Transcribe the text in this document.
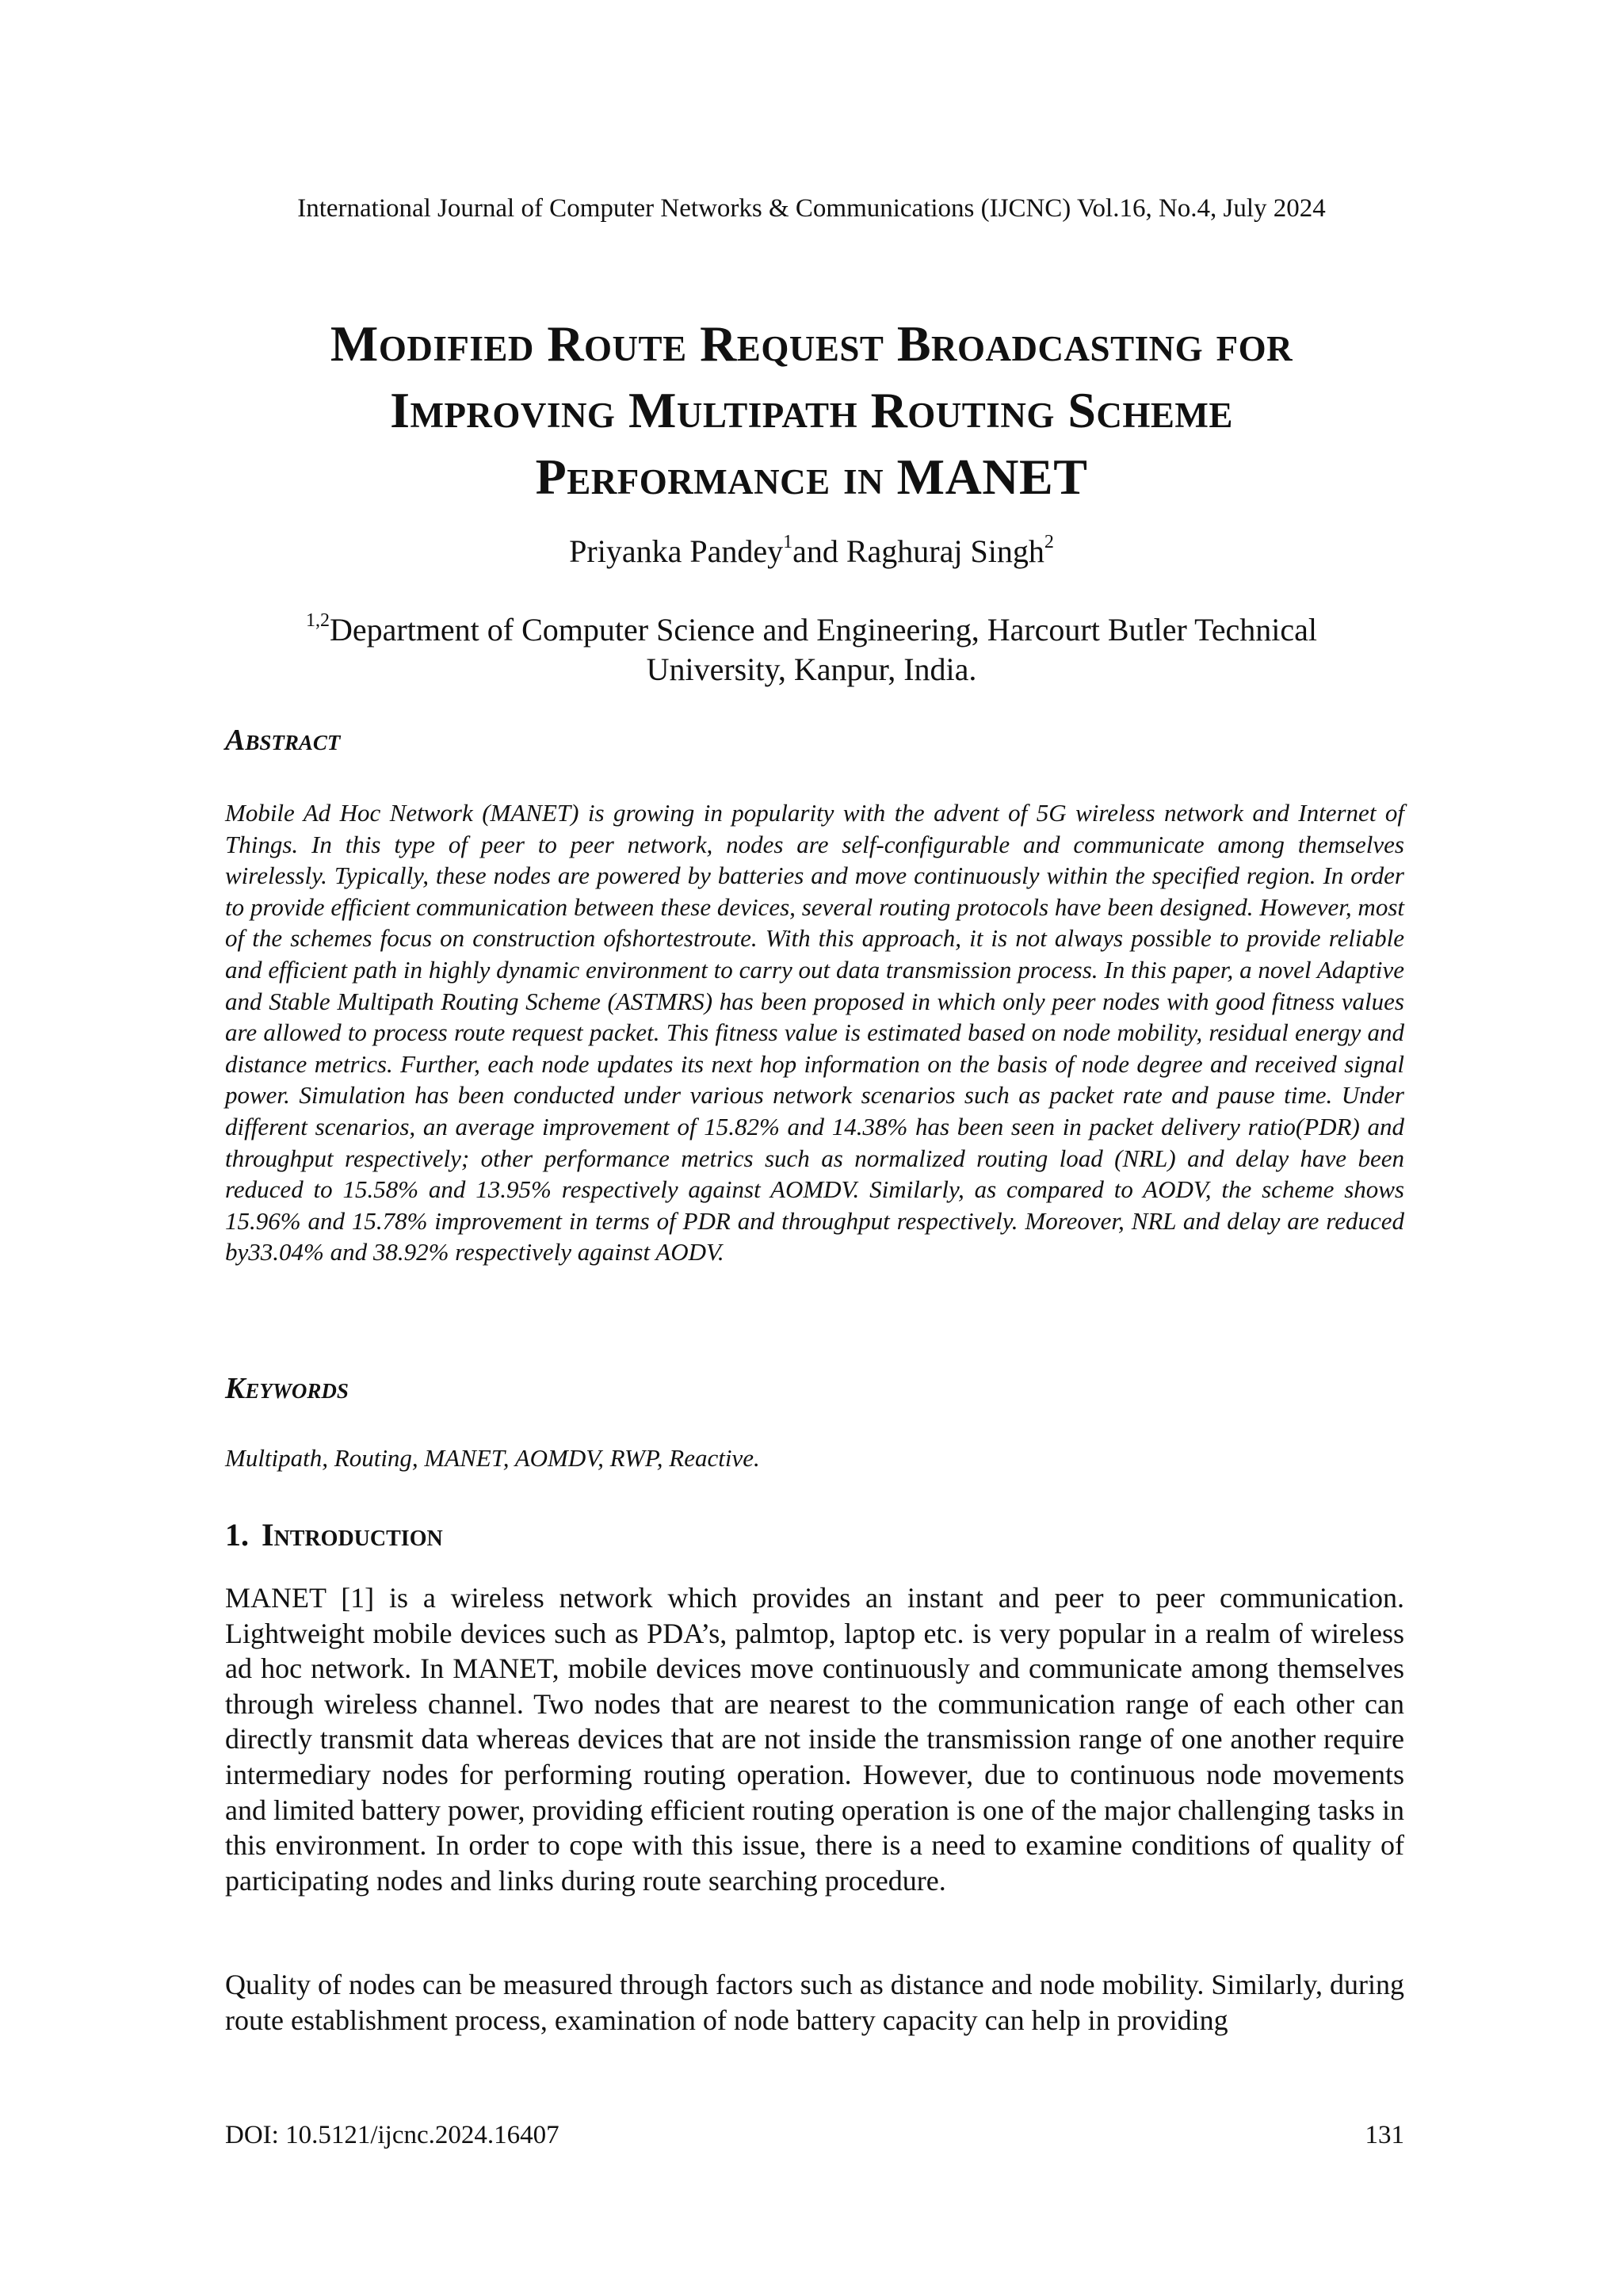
International Journal of Computer Networks & Communications (IJCNC) Vol.16, No.4, July 2024
Modified Route Request Broadcasting for
Improving Multipath Routing Scheme
Performance in MANET
Priyanka Pandey$^1$and Raghuraj Singh$^2$
$^{1,2}$Department of Computer Science and Engineering, Harcourt Butler Technical
University, Kanpur, India.
Abstract
Mobile Ad Hoc Network (MANET) is growing in popularity with the advent of 5G wireless network and Internet of Things. In this type of peer to peer network, nodes are self-configurable and communicate among themselves wirelessly. Typically, these nodes are powered by batteries and move continuously within the specified region. In order to provide efficient communication between these devices, several routing protocols have been designed. However, most of the schemes focus on construction ofshortestroute. With this approach, it is not always possible to provide reliable and efficient path in highly dynamic environment to carry out data transmission process. In this paper, a novel Adaptive and Stable Multipath Routing Scheme (ASTMRS) has been proposed in which only peer nodes with good fitness values are allowed to process route request packet. This fitness value is estimated based on node mobility, residual energy and distance metrics. Further, each node updates its next hop information on the basis of node degree and received signal power. Simulation has been conducted under various network scenarios such as packet rate and pause time. Under different scenarios, an average improvement of 15.82% and 14.38% has been seen in packet delivery ratio(PDR) and throughput respectively; other performance metrics such as normalized routing load (NRL) and delay have been reduced to 15.58% and 13.95% respectively against AOMDV. Similarly, as compared to AODV, the scheme shows 15.96% and 15.78% improvement in terms of PDR and throughput respectively. Moreover, NRL and delay are reduced by33.04% and 38.92% respectively against AODV.
Keywords
Multipath, Routing, MANET, AOMDV, RWP, Reactive.
1. Introduction
MANET [1] is a wireless network which provides an instant and peer to peer communication. Lightweight mobile devices such as PDA’s, palmtop, laptop etc. is very popular in a realm of wireless ad hoc network. In MANET, mobile devices move continuously and communicate among themselves through wireless channel. Two nodes that are nearest to the communication range of each other can directly transmit data whereas devices that are not inside the transmission range of one another require intermediary nodes for performing routing operation. However, due to continuous node movements and limited battery power, providing efficient routing operation is one of the major challenging tasks in this environment. In order to cope with this issue, there is a need to examine conditions of quality of participating nodes and links during route searching procedure.
Quality of nodes can be measured through factors such as distance and node mobility. Similarly, during route establishment process, examination of node battery capacity can help in providing
DOI: 10.5121/ijcnc.2024.16407	131
